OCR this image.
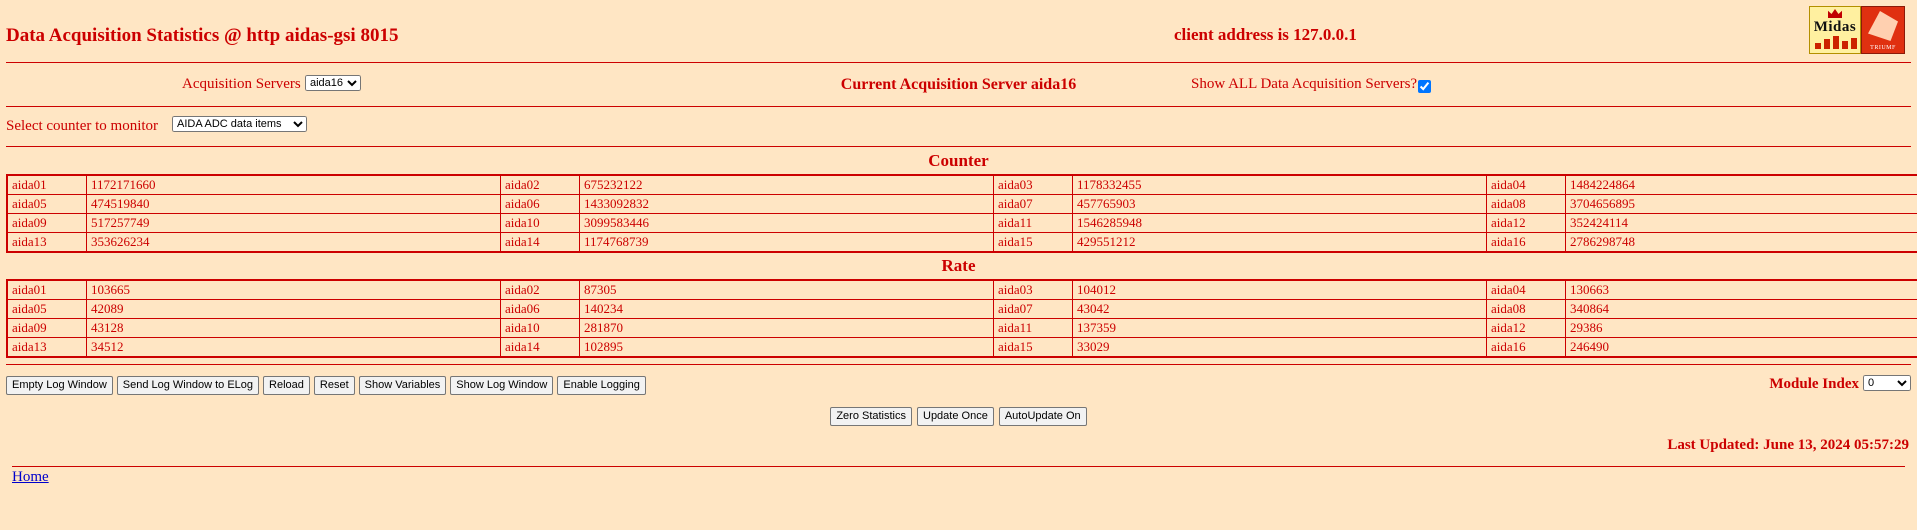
Data Acquisition Statistics @ http aidas-gsi 8015	client address is 127.0.0.1	Midas
TRIUMF
Acquisition Servers
aida16	Current Acquisition Server aida16	Show ALL Data Acquisition Servers?
Select counter to monitor
AIDA ADC data items
Counter
aida01	1172171660	aida02	675232122	aida03	1178332455	aida04	1484224864
aida05	474519840	aida06	1433092832	aida07	457765903	aida08	3704656895
aida09	517257749	aida10	3099583446	aida11	1546285948	aida12	352424114
aida13	353626234	aida14	1174768739	aida15	429551212	aida16	2786298748
Rate
aida01	103665	aida02	87305	aida03	104012	aida04	130663
aida05	42089	aida06	140234	aida07	43042	aida08	340864
aida09	43128	aida10	281870	aida11	137359	aida12	29386
aida13	34512	aida14	102895	aida15	33029	aida16	246490
Empty Log Window	Send Log Window to ELog	Reload	Reset	Show Variables	Show Log Window	Enable Logging	Module Index
0
Zero Statistics	Update Once	AutoUpdate On
Last Updated: June 13, 2024 05:57:29
Home
